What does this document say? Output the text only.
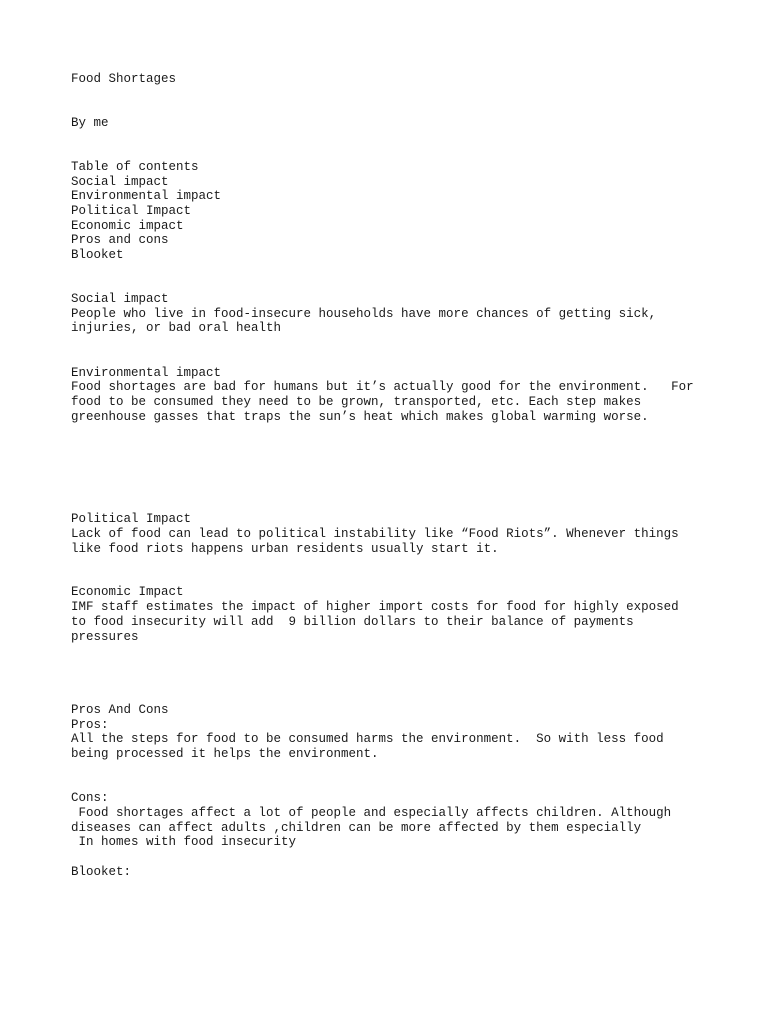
Food Shortages
By me
Table of contents
Social impact
Environmental impact
Political Impact
Economic impact
Pros and cons
Blooket
Social impact
People who live in food-insecure households have more chances of getting sick,
injuries, or bad oral health
Environmental impact
Food shortages are bad for humans but it’s actually good for the environment.   For
food to be consumed they need to be grown, transported, etc. Each step makes
greenhouse gasses that traps the sun’s heat which makes global warming worse.
Political Impact
Lack of food can lead to political instability like “Food Riots”. Whenever things
like food riots happens urban residents usually start it.
Economic Impact
IMF staff estimates the impact of higher import costs for food for highly exposed
to food insecurity will add  9 billion dollars to their balance of payments
pressures
Pros And Cons
Pros:
All the steps for food to be consumed harms the environment.  So with less food
being processed it helps the environment.
Cons:
Food shortages affect a lot of people and especially affects children. Although
diseases can affect adults ,children can be more affected by them especially
In homes with food insecurity
Blooket:
